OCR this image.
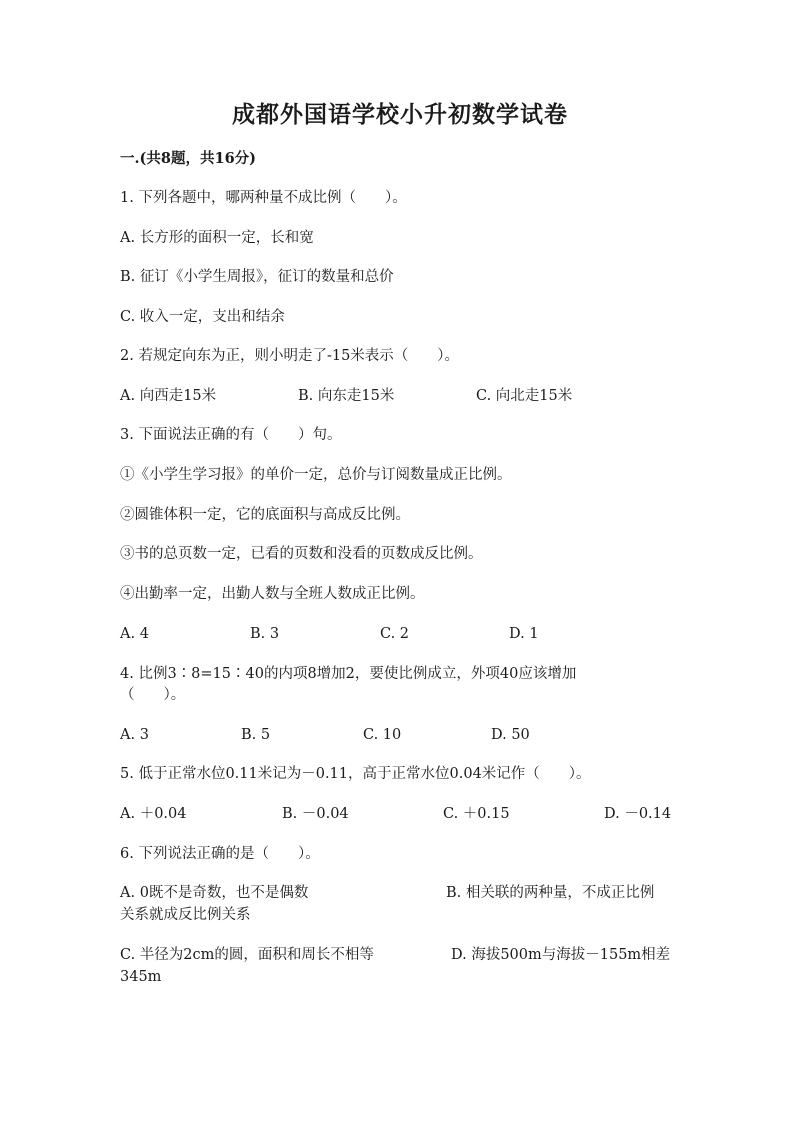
成都外国语学校小升初数学试卷
一.(共8题，共16分)
1. 下列各题中，哪两种量不成比例（　　）。
A. 长方形的面积一定，长和宽
B. 征订《小学生周报》，征订的数量和总价
C. 收入一定，支出和结余
2. 若规定向东为正，则小明走了-15米表示（　　）。
A. 向西走15米	B. 向东走15米	C. 向北走15米
3. 下面说法正确的有（　　）句。
①《小学生学习报》的单价一定，总价与订阅数量成正比例。
②圆锥体积一定，它的底面积与高成反比例。
③书的总页数一定，已看的页数和没看的页数成反比例。
④出勤率一定，出勤人数与全班人数成正比例。
A. 4	B. 3	C. 2	D. 1
4. 比例3∶8=15∶40的内项8增加2，要使比例成立，外项40应该增加
（　　）。
A. 3	B. 5	C. 10	D. 50
5. 低于正常水位0.11米记为－0.11，高于正常水位0.04米记作（　　）。
A. ＋0.04	B. －0.04	C. ＋0.15	D. －0.14
6. 下列说法正确的是（　　）。
A. 0既不是奇数，也不是偶数	B. 相关联的两种量，不成正比例
关系就成反比例关系
C. 半径为2cm的圆，面积和周长不相等	D. 海拔500m与海拔－155m相差
345m
